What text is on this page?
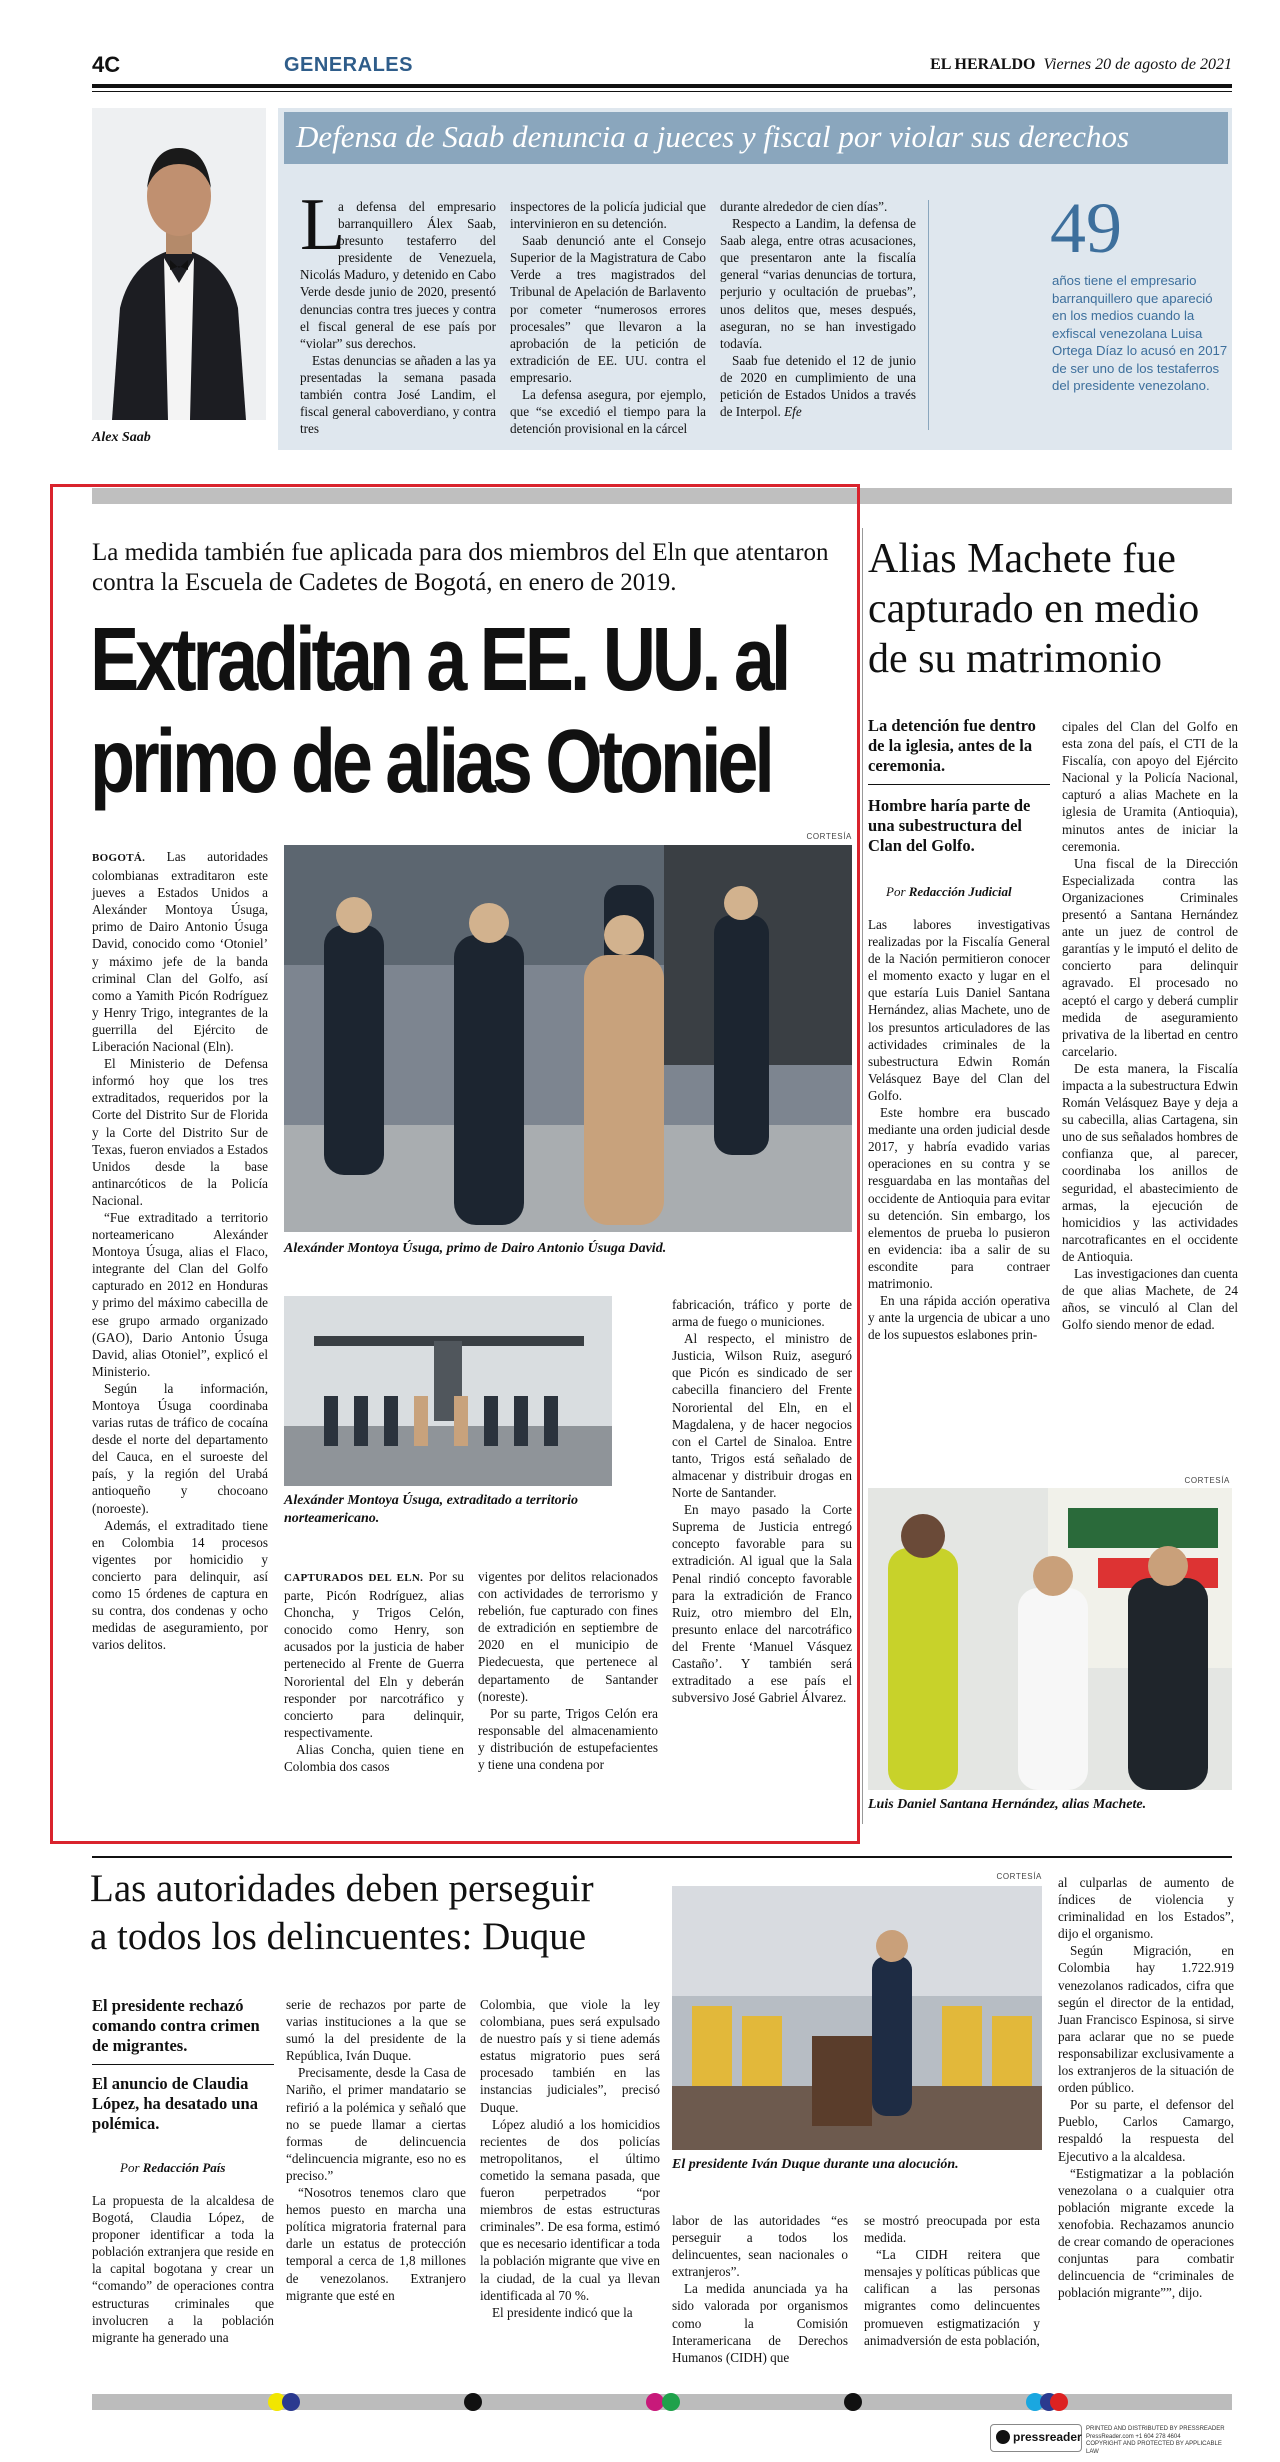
4C	GENERALES	EL HERALDO Viernes 20 de agosto de 2021
Alex Saab
Defensa de Saab denuncia a jueces y fiscal por violar sus derechos
L

a defensa del empresario barranquillero Álex Saab, presunto testaferro del presidente de Venezuela, Nicolás Maduro, y detenido en Cabo Verde desde junio de 2020, presentó denuncias contra tres jueces y contra el fiscal general de ese país por “violar” sus derechos.

Estas denuncias se añaden a las ya presentadas la semana pasada también contra José Landim, el fiscal general caboverdiano, y contra tres

inspectores de la policía judicial que intervinieron en su detención.

Saab denunció ante el Consejo Superior de la Magistratura de Cabo Verde a tres magistrados del Tribunal de Apelación de Barlavento por cometer “numerosos errores procesales” que llevaron a la aprobación de la petición de extradición de EE. UU. contra el empresario.

La defensa asegura, por ejemplo, que “se excedió el tiempo para la detención provisional en la cárcel

durante alrededor de cien días”.

Respecto a Landim, la defensa de Saab alega, entre otras acusaciones, que presentaron ante la fiscalía general “varias denuncias de tortura, perjurio y ocultación de pruebas”, unos delitos que, meses después, aseguran, no se han investigado todavía.

Saab fue detenido el 12 de junio de 2020 en cumplimiento de una petición de Estados Unidos a través de Interpol. Efe

49
años tiene el empresario barranquillero que apareció en los medios cuando la exfiscal venezolana Luisa Ortega Díaz lo acusó en 2017 de ser uno de los testaferros del presidente venezolano.
La medida también fue aplicada para dos miembros del Eln que atentaron contra la Escuela de Cadetes de Bogotá, en enero de 2019.
Extraditan a EE. UU. al
primo de alias Otoniel

BOGOTÁ. Las autoridades colombianas extraditaron este jueves a Estados Unidos a Alexánder Montoya Úsuga, primo de Dairo Antonio Úsuga David, conocido como ‘Otoniel’ y máximo jefe de la banda criminal Clan del Golfo, así como a Yamith Picón Rodríguez y Henry Trigo, integrantes de la guerrilla del Ejército de Liberación Nacional (Eln).

El Ministerio de Defensa informó hoy que los tres extraditados, requeridos por la Corte del Distrito Sur de Florida y la Corte del Distrito Sur de Texas, fueron enviados a Estados Unidos desde la base antinarcóticos de la Policía Nacional.

“Fue extraditado a territorio norteamericano Alexánder Montoya Úsuga, alias el Flaco, integrante del Clan del Golfo capturado en 2012 en Honduras y primo del máximo cabecilla de ese grupo armado organizado (GAO), Dario Antonio Úsuga David, alias Otoniel”, explicó el Ministerio.

Según la información, Montoya Úsuga coordinaba varias rutas de tráfico de cocaína desde el norte del departamento del Cauca, en el suroeste del país, y la región del Urabá antioqueño y chocoano (noroeste).

Además, el extraditado tiene en Colombia 14 procesos vigentes por homicidio y concierto para delinquir, así como 15 órdenes de captura en su contra, dos condenas y ocho medidas de aseguramiento, por varios delitos.

CORTESÍA
Alexánder Montoya Úsuga, primo de Dairo Antonio Úsuga David.
Alexánder Montoya Úsuga, extraditado a territorio norteamericano.

fabricación, tráfico y porte de arma de fuego o municiones.

Al respecto, el ministro de Justicia, Wilson Ruiz, aseguró que Picón es sindicado de ser cabecilla financiero del Frente Nororiental del Eln, en el Magdalena, y de hacer negocios con el Cartel de Sinaloa. Entre tanto, Trigos está señalado de almacenar y distribuir drogas en Norte de Santander.

En mayo pasado la Corte Suprema de Justicia entregó concepto favorable para su extradición. Al igual que la Sala Penal rindió concepto favorable para la extradición de Franco Ruiz, otro miembro del Eln, presunto enlace del narcotráfico del Frente ‘Manuel Vásquez Castaño’. Y también será extraditado a ese país el subversivo José Gabriel Álvarez.

CAPTURADOS DEL ELN. Por su parte, Picón Rodríguez, alias Choncha, y Trigos Celón, conocido como Henry, son acusados por la justicia de haber pertenecido al Frente de Guerra Nororiental del Eln y deberán responder por narcotráfico y concierto para delinquir, respectivamente.

Alias Concha, quien tiene en Colombia dos casos

vigentes por delitos relacionados con actividades de terrorismo y rebelión, fue capturado con fines de extradición en septiembre de 2020 en el municipio de Piedecuesta, que pertenece al departamento de Santander (noreste).

Por su parte, Trigos Celón era responsable del almacenamiento y distribución de estupefacientes y tiene una condena por

Alias Machete fue capturado en medio de su matrimonio
La detención fue dentro de la iglesia, antes de la ceremonia.
Hombre haría parte de una subestructura del Clan del Golfo.
Por Redacción Judicial

Las labores investigativas realizadas por la Fiscalía General de la Nación permitieron conocer el momento exacto y lugar en el que estaría Luis Daniel Santana Hernández, alias Machete, uno de los presuntos articuladores de las actividades criminales de la subestructura Edwin Román Velásquez Baye del Clan del Golfo.

Este hombre era buscado mediante una orden judicial desde 2017, y habría evadido varias operaciones en su contra y se resguardaba en las montañas del occidente de Antioquia para evitar su detención. Sin embargo, los elementos de prueba lo pusieron en evidencia: iba a salir de su escondite para contraer matrimonio.

En una rápida acción operativa y ante la urgencia de ubicar a uno de los supuestos eslabones prin-

cipales del Clan del Golfo en esta zona del país, el CTI de la Fiscalía, con apoyo del Ejército Nacional y la Policía Nacional, capturó a alias Machete en la iglesia de Uramita (Antioquia), minutos antes de iniciar la ceremonia.

Una fiscal de la Dirección Especializada contra las Organizaciones Criminales presentó a Santana Hernández ante un juez de control de garantías y le imputó el delito de concierto para delinquir agravado. El procesado no aceptó el cargo y deberá cumplir medida de aseguramiento privativa de la libertad en centro carcelario.

De esta manera, la Fiscalía impacta a la subestructura Edwin Román Velásquez Baye y deja a su cabecilla, alias Cartagena, sin uno de sus señalados hombres de confianza que, al parecer, coordinaba los anillos de seguridad, el abastecimiento de armas, la ejecución de homicidios y las actividades narcotraficantes en el occidente de Antioquia.

Las investigaciones dan cuenta de que alias Machete, de 24 años, se vinculó al Clan del Golfo siendo menor de edad.

CORTESÍA
Luis Daniel Santana Hernández, alias Machete.
Las autoridades deben perseguir
a todos los delincuentes: Duque
El presidente rechazó comando contra crimen de migrantes.
El anuncio de Claudia López, ha desatado una polémica.
Por Redacción País

La propuesta de la alcaldesa de Bogotá, Claudia López, de proponer identificar a toda la población extranjera que reside en la capital bogotana y crear un “comando” de operaciones contra estructuras criminales que involucren a la población migrante ha generado una

serie de rechazos por parte de varias instituciones a la que se sumó la del presidente de la República, Iván Duque.

Precisamente, desde la Casa de Nariño, el primer mandatario se refirió a la polémica y señaló que no se puede llamar a ciertas formas de delincuencia “delincuencia migrante, eso no es preciso.”

“Nosotros tenemos claro que hemos puesto en marcha una política migratoria fraternal para darle un estatus de protección temporal a cerca de 1,8 millones de venezolanos. Extranjero migrante que esté en

Colombia, que viole la ley colombiana, pues será expulsado de nuestro país y si tiene además estatus migratorio pues será procesado también en las instancias judiciales”, precisó Duque.

López aludió a los homicidios recientes de dos policías metropolitanos, el último cometido la semana pasada, que fueron perpetrados “por miembros de estas estructuras criminales”. De esa forma, estimó que es necesario identificar a toda la población migrante que vive en la ciudad, de la cual ya llevan identificada al 70 %.

El presidente indicó que la

CORTESÍA
El presidente Iván Duque durante una alocución.

labor de las autoridades “es perseguir a todos los delincuentes, sean nacionales o extranjeros”.

La medida anunciada ya ha sido valorada por organismos como la Comisión Interamericana de Derechos Humanos (CIDH) que

se mostró preocupada por esta medida.

“La CIDH reitera que mensajes y políticas públicas que califican a las personas migrantes como delincuentes promueven estigmatización y animadversión de esta población,

al culparlas de aumento de índices de violencia y criminalidad en los Estados”, dijo el organismo.

Según Migración, en Colombia hay 1.722.919 venezolanos radicados, cifra que según el director de la entidad, Juan Francisco Espinosa, si sirve para aclarar que no se puede responsabilizar exclusivamente a los extranjeros de la situación de orden público.

Por su parte, el defensor del Pueblo, Carlos Camargo, respaldó la respuesta del Ejecutivo a la alcaldesa.

“Estigmatizar a la población venezolana o a cualquier otra población migrante excede la xenofobia. Rechazamos anuncio de crear comando de operaciones conjuntas para combatir delincuencia de “criminales de población migrante””, dijo.

pressreader
PRINTED AND DISTRIBUTED BY PRESSREADER
PressReader.com +1 604 278 4604
COPYRIGHT AND PROTECTED BY APPLICABLE LAW
